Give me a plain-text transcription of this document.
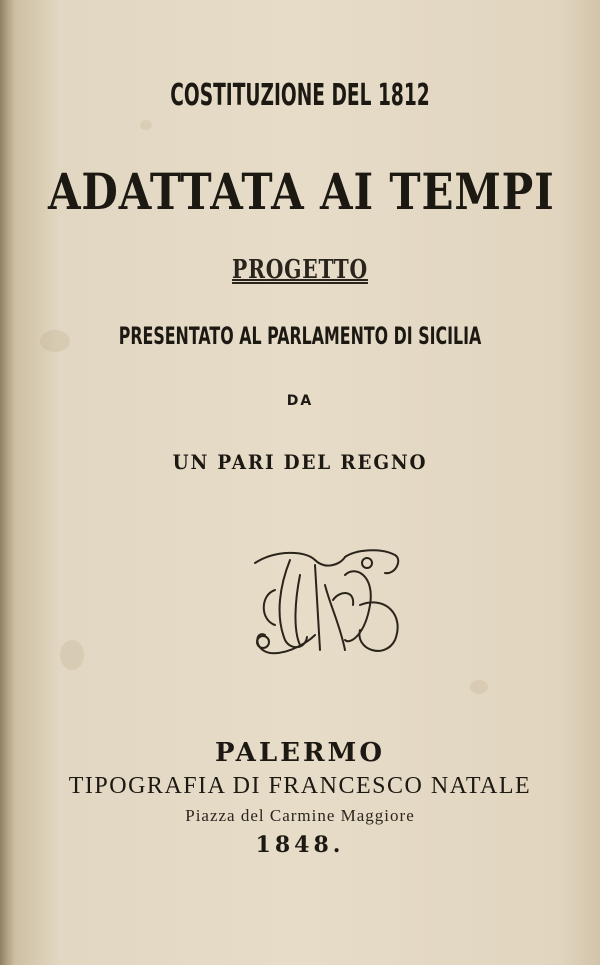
COSTITUZIONE DEL 1812
ADATTATA AI TEMPI
PROGETTO
PRESENTATO AL PARLAMENTO DI SICILIA
DA
UN PARI DEL REGNO
PALERMO
TIPOGRAFIA DI FRANCESCO NATALE
Piazza del Carmine Maggiore
1848.
